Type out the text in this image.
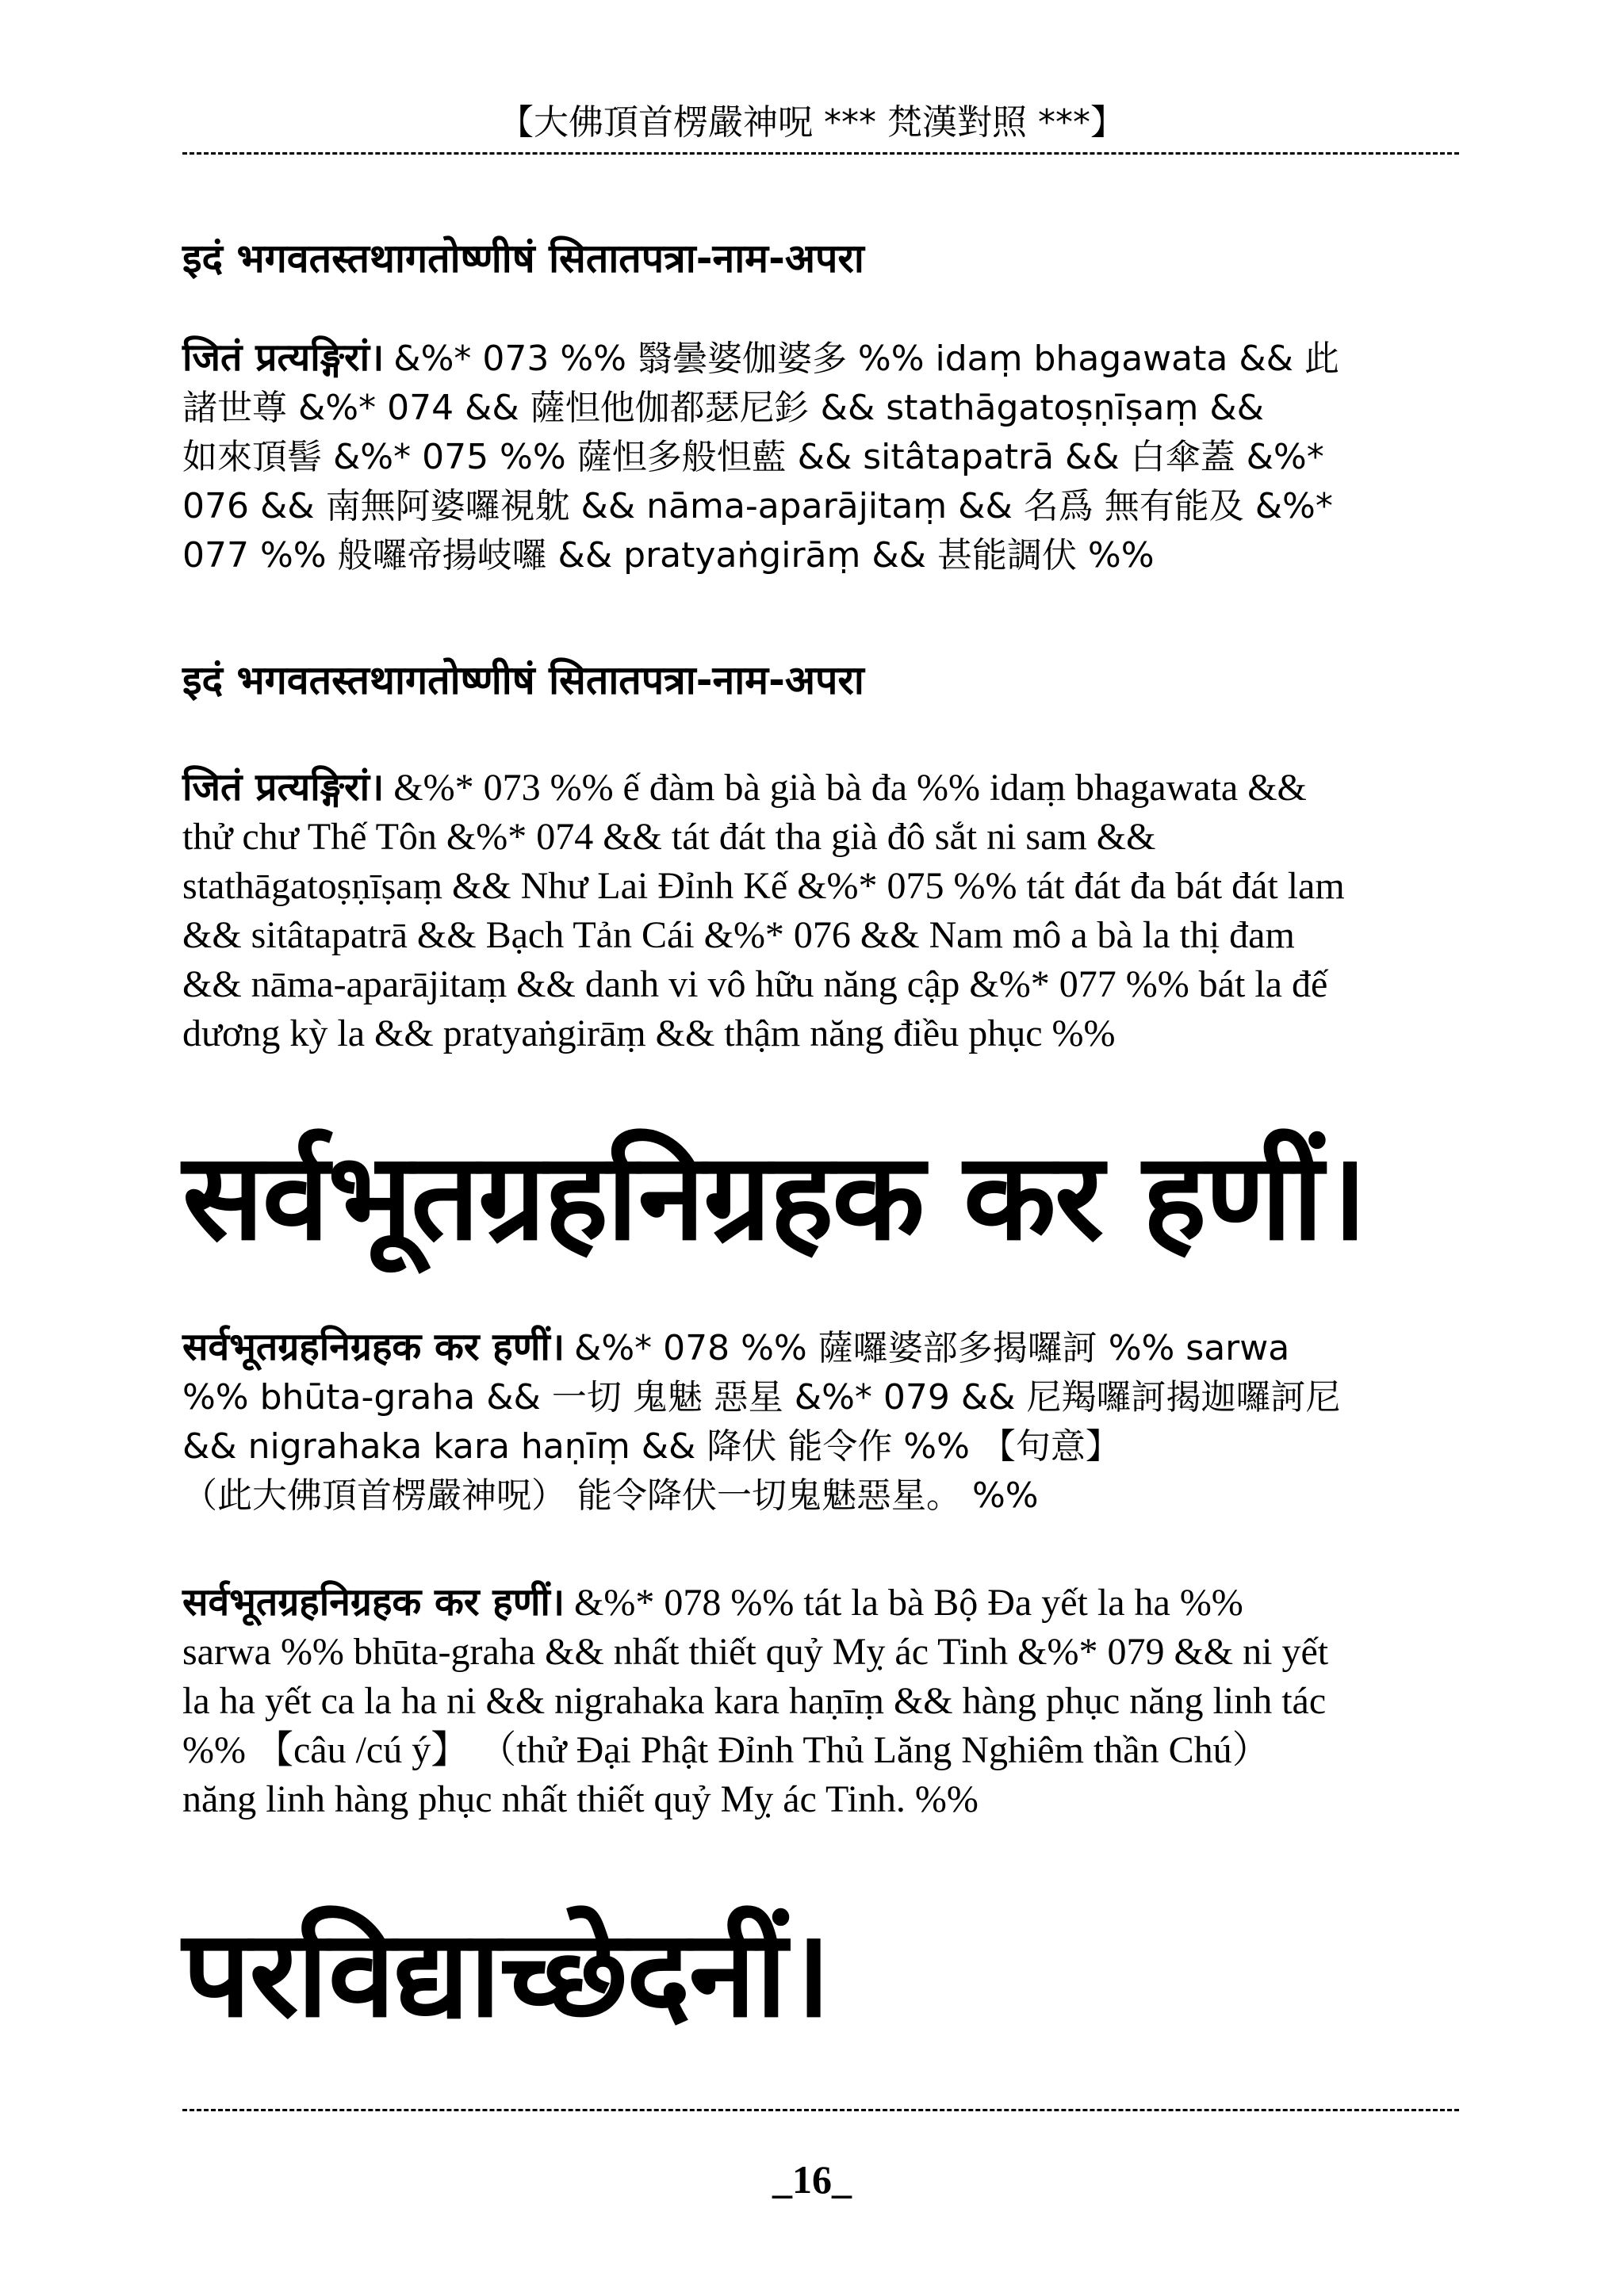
【大佛頂首楞嚴神呪 *** 梵漢對照 ***】
इदं भगवतस्तथागतोष्णीषं सितातपत्रा-नाम-अपरा
जितं प्रत्यङ्गिरां। &%* 073 %% 翳曇婆伽婆多 %% idaṃ bhagawata && 此
諸世尊 &%* 074 && 薩怛他伽都瑟尼釤 && stathāgatoṣṇīṣaṃ &&
如來頂髻 &%* 075 %% 薩怛多般怛藍 && sitâtapatrā && 白傘蓋 &%*
076 && 南無阿婆囉視躭 && nāma-aparājitaṃ && 名爲 無有能及 &%*
077 %% 般囉帝揚岐囉 && pratyaṅgirāṃ && 甚能調伏 %%
इदं भगवतस्तथागतोष्णीषं सितातपत्रा-नाम-अपरा
जितं प्रत्यङ्गिरां। &%* 073 %% ế đàm bà già bà đa %% idaṃ bhagawata &&
thử chư Thế Tôn &%* 074 && tát đát tha già đô sắt ni sam &&
stathāgatoṣṇīṣaṃ && Như Lai Đỉnh Kế &%* 075 %% tát đát đa bát đát lam
&& sitâtapatrā && Bạch Tản Cái &%* 076 && Nam mô a bà la thị đam
&& nāma-aparājitaṃ && danh vi vô hữu năng cập &%* 077 %% bát la đế
dương kỳ la && pratyaṅgirāṃ && thậm năng điều phục %%
सर्वभूतग्रहनिग्रहक कर हणीं।
सर्वभूतग्रहनिग्रहक कर हणीं। &%* 078 %% 薩囉婆部多揭囉訶 %% sarwa
%% bhūta-graha && 一切 鬼魅 惡星 &%* 079 && 尼羯囉訶揭迦囉訶尼
&& nigrahaka kara haṇīṃ && 降伏 能令作 %% 【句意】
（此大佛頂首楞嚴神呪） 能令降伏一切鬼魅惡星。 %%
सर्वभूतग्रहनिग्रहक कर हणीं। &%* 078 %% tát la bà Bộ Đa yết la ha %%
sarwa %% bhūta-graha && nhất thiết quỷ Mỵ ác Tinh &%* 079 && ni yết
la ha yết ca la ha ni && nigrahaka kara haṇīṃ && hàng phục năng linh tác
%% 【câu /cú ý】 （thử Đại Phật Đỉnh Thủ Lăng Nghiêm thần Chú）
năng linh hàng phục nhất thiết quỷ Mỵ ác Tinh. %%
परविद्याच्छेदनीं।
_16_
